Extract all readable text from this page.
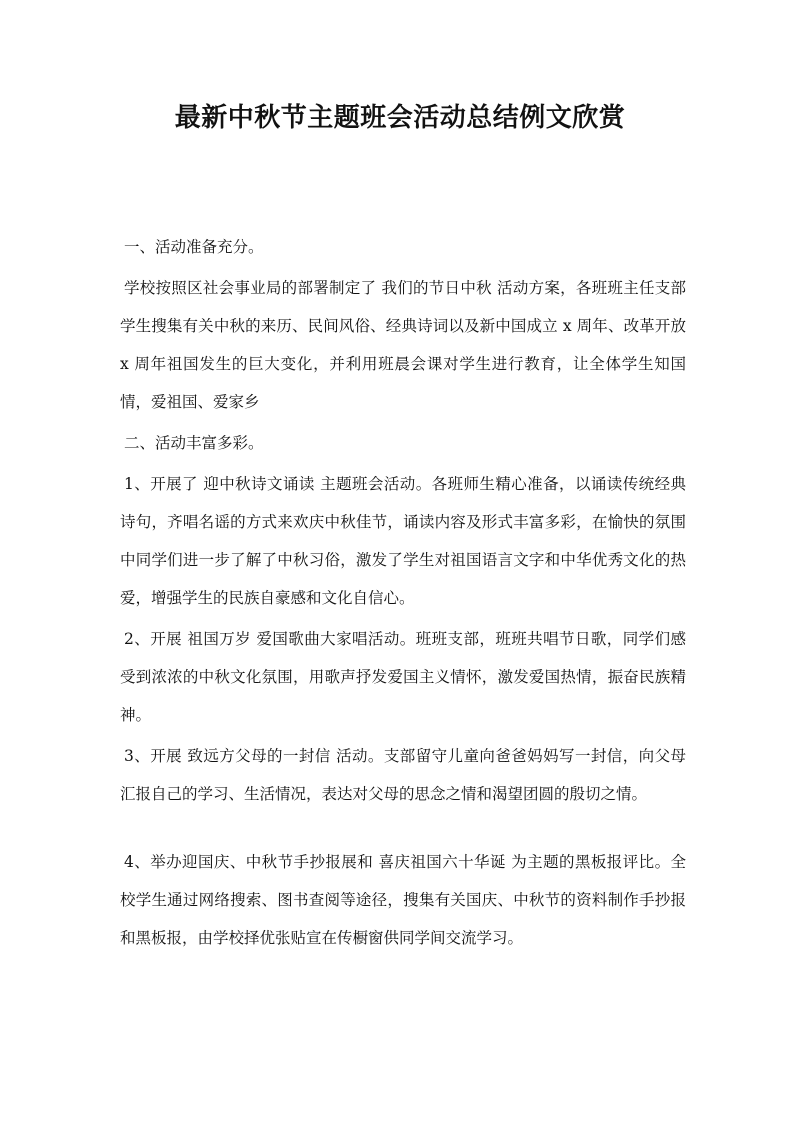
最新中秋节主题班会活动总结例文欣赏

一、活动准备充分。

学校按照区社会事业局的部署制定了 我们的节日中秋 活动方案，各班班主任支部学生搜集有关中秋的来历、民间风俗、经典诗词以及新中国成立 x 周年、改革开放 x 周年祖国发生的巨大变化，并利用班晨会课对学生进行教育，让全体学生知国情，爱祖国、爱家乡

二、活动丰富多彩。

1、开展了 迎中秋诗文诵读 主题班会活动。各班师生精心准备，以诵读传统经典诗句，齐唱名谣的方式来欢庆中秋佳节，诵读内容及形式丰富多彩，在愉快的氛围中同学们进一步了解了中秋习俗，激发了学生对祖国语言文字和中华优秀文化的热爱，增强学生的民族自豪感和文化自信心。

2、开展 祖国万岁 爱国歌曲大家唱活动。班班支部，班班共唱节日歌，同学们感受到浓浓的中秋文化氛围，用歌声抒发爱国主义情怀，激发爱国热情，振奋民族精神。

3、开展 致远方父母的一封信 活动。支部留守儿童向爸爸妈妈写一封信，向父母汇报自己的学习、生活情况，表达对父母的思念之情和渴望团圆的殷切之情。

4、举办迎国庆、中秋节手抄报展和 喜庆祖国六十华诞 为主题的黑板报评比。全校学生通过网络搜索、图书查阅等途径，搜集有关国庆、中秋节的资料制作手抄报和黑板报，由学校择优张贴宣在传橱窗供同学间交流学习。
